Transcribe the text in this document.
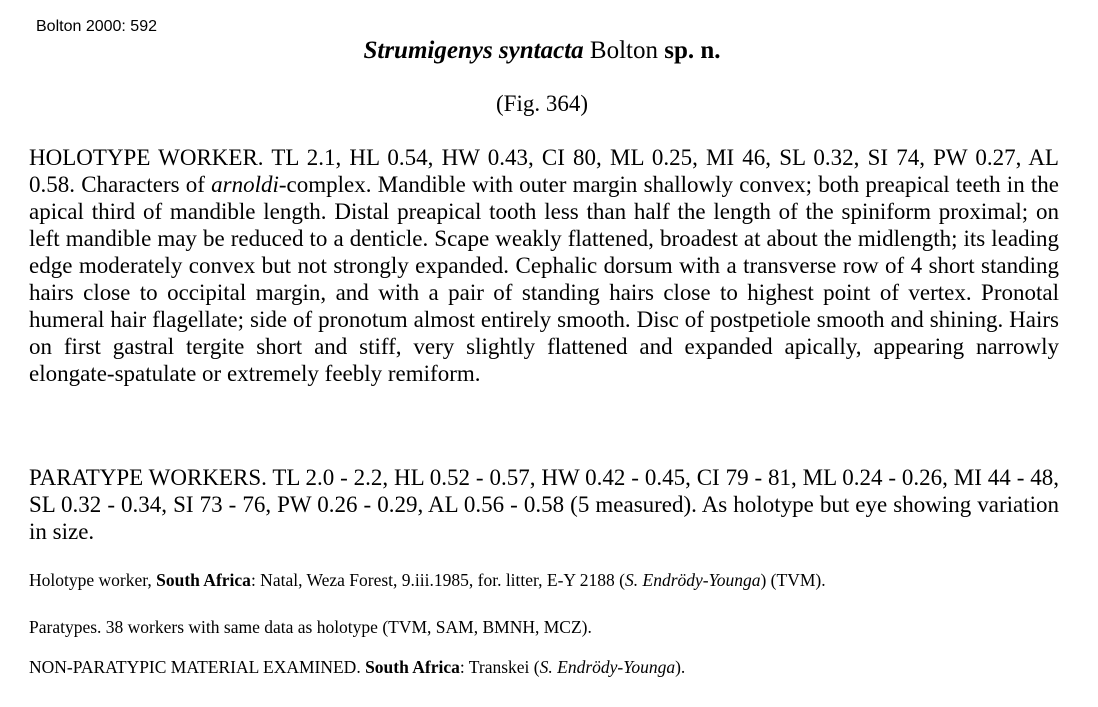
Bolton 2000: 592
Strumigenys syntacta Bolton sp. n.
(Fig. 364)

HOLOTYPE WORKER. TL 2.1, HL 0.54, HW 0.43, CI 80, ML 0.25, MI 46, SL 0.32, SI 74, PW 0.27, AL 0.58. Characters of arnoldi-complex. Mandible with outer margin shallowly convex; both preapical teeth in the apical third of mandible length. Distal preapical tooth less than half the length of the spiniform proximal; on left mandible may be reduced to a denticle. Scape weakly flattened, broadest at about the midlength; its leading edge moderately convex but not strongly expanded. Cephalic dorsum with a transverse row of 4 short standing hairs close to occipital margin, and with a pair of standing hairs close to highest point of vertex. Pronotal humeral hair flagellate; side of pronotum almost entirely smooth. Disc of postpetiole smooth and shining. Hairs on first gastral tergite short and stiff, very slightly flattened and expanded apically, appearing narrowly elongate-spatulate or extremely feebly remiform.

PARATYPE WORKERS. TL 2.0 - 2.2, HL 0.52 - 0.57, HW 0.42 - 0.45, CI 79 - 81, ML 0.24 - 0.26, MI 44 - 48, SL 0.32 - 0.34, SI 73 - 76, PW 0.26 - 0.29, AL 0.56 - 0.58 (5 measured). As holotype but eye showing variation in size.

Holotype worker, South Africa: Natal, Weza Forest, 9.iii.1985, for. litter, E-Y 2188 (S. Endrödy-Younga) (TVM).

Paratypes. 38 workers with same data as holotype (TVM, SAM, BMNH, MCZ).

NON-PARATYPIC MATERIAL EXAMINED. South Africa: Transkei (S. Endrödy-Younga).
